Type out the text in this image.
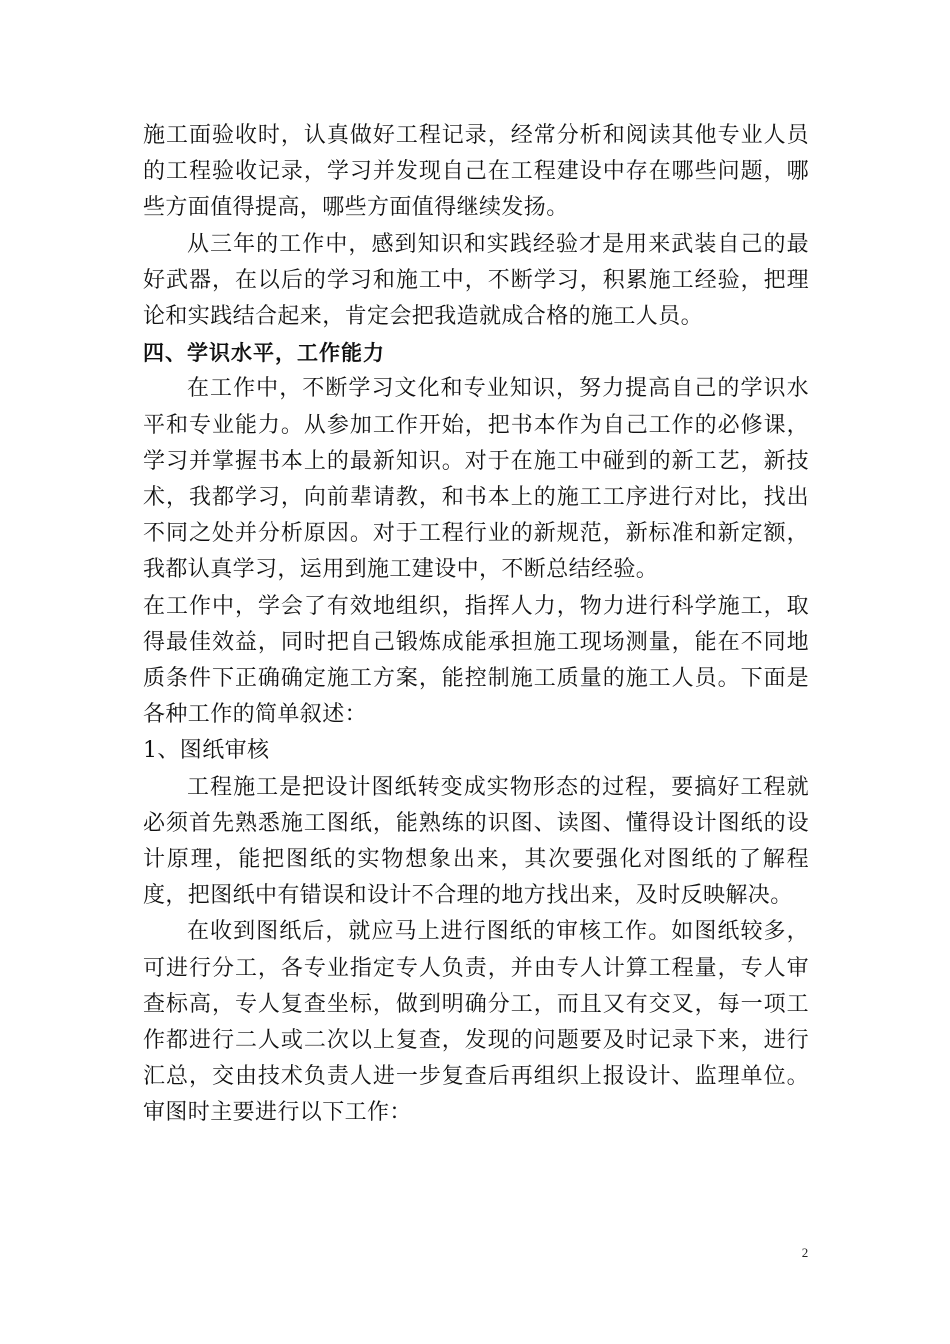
施工面验收时，认真做好工程记录，经常分析和阅读其他专业人员的工程验收记录，学习并发现自己在工程建设中存在哪些问题，哪些方面值得提高，哪些方面值得继续发扬。

从三年的工作中，感到知识和实践经验才是用来武装自己的最好武器，在以后的学习和施工中，不断学习，积累施工经验，把理论和实践结合起来，肯定会把我造就成合格的施工人员。

四、学识水平，工作能力

在工作中，不断学习文化和专业知识，努力提高自己的学识水平和专业能力。从参加工作开始，把书本作为自己工作的必修课，学习并掌握书本上的最新知识。对于在施工中碰到的新工艺，新技术，我都学习，向前辈请教，和书本上的施工工序进行对比，找出不同之处并分析原因。对于工程行业的新规范，新标准和新定额，我都认真学习，运用到施工建设中，不断总结经验。

在工作中，学会了有效地组织，指挥人力，物力进行科学施工，取得最佳效益，同时把自己锻炼成能承担施工现场测量，能在不同地质条件下正确确定施工方案，能控制施工质量的施工人员。下面是各种工作的简单叙述：

1、图纸审核

工程施工是把设计图纸转变成实物形态的过程，要搞好工程就必须首先熟悉施工图纸，能熟练的识图、读图、懂得设计图纸的设计原理，能把图纸的实物想象出来，其次要强化对图纸的了解程度，把图纸中有错误和设计不合理的地方找出来，及时反映解决。

在收到图纸后，就应马上进行图纸的审核工作。如图纸较多，可进行分工，各专业指定专人负责，并由专人计算工程量，专人审查标高，专人复查坐标，做到明确分工，而且又有交叉，每一项工作都进行二人或二次以上复查，发现的问题要及时记录下来，进行汇总，交由技术负责人进一步复查后再组织上报设计、监理单位。审图时主要进行以下工作：

2
